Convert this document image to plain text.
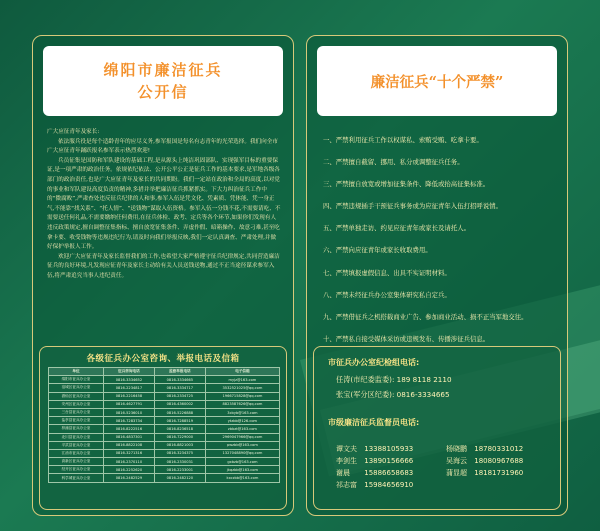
绵阳市廉洁征兵
公开信

广大应征青年及家长:

依法服兵役是每个适龄青年的应尽义务,参军报国是每名有志青年的光荣选择。我们向全市广大应征青年踊跃报名参军表示热烈欢迎!

兵员征集是国防和军队建设的基础工程,是从源头上纯洁巩固部队、实现强军目标的重要保证,是一项严肃的政治任务。依规依纪依法、公开公平公正是征兵工作的基本要求,是军地各级各部门的政治责任,也是广大应征青年及家长的共同期盼。我们一定站在政治和全局的高度,以对党的事业和军队建设高度负责的精神,多措并举把廉洁征兵抓紧抓实。下大力纠治征兵工作中的“微腐败”,严肃查处违反征兵纪律的人和事,参军入伍是凭文化、凭素质、凭体能、凭一身正气,不能靠“找关系”、“托人情”、“送钱物”谋取入伍资格。参军入伍一分钱不花,不需要请吃、不需要送任何礼品,不需要缴纳任何费用,在征兵体检、政考、定兵等各个环节,如果你们发现有人违反政策规定,擅自调整征集指标、擅自放宽征集条件、弄虚作假、暗箱操作、故意刁难,甚至吃拿卡要、收受钱物等违规违纪行为,请及时向我们举报反映,我们一定认真调查、严肃处理,并做好保护举报人工作。

欢迎广大应征青年及家长监督我们的工作,也希望大家严格遵守征兵纪律规定,共同营造廉洁征兵的良好环境,凡发现应征青年及家长主动给有关人员送钱送物,通过不正当途径谋求参军入伍,将严肃追究当事人违纪责任。

各级征兵办公室咨询、举报电话及信箱
单位	征兵咨询电话	监督举报电话	电子信箱
绵阳市征兵办公室	0816-3334652	0816-3334665	myjz@163.com
涪城区征兵办公室	0816-2234817	0816-3334717	3532521025@qq.com
游仙区征兵办公室	0816-2216458	0816-2334725	1966715828@qq.com
安州区征兵办公室	0816-4627791	0816-4360002	8823587626@qq.com
三台县征兵办公室	0816-5236010	0816-5226888	3cbyb@163.com
盐亭县征兵办公室	0816-7283734	0816-7288519	ytzbb@126.com
梓潼县征兵办公室	0816-8222516	0816-8236518	zbbzt@163.com
北川县征兵办公室	0816-4837301	0816-7229000	2969047966@qq.com
平武县征兵办公室	0816-8822108	0816-8821003	pwzbb@163.com
江油市征兵办公室	0816-3271316	0816-3234375	1327048890@qq.com
高新区征兵办公室	0816-2370110	0816-2330031	gxbzb@163.com
经开区征兵办公室	0816-2252620	0816-2233001	jkqzbb@163.com
科学城征兵办公室	0816-2482529	0816-2482120	kxczbb@163.com
廉洁征兵“十个严禁”
一、严禁利用征兵工作以权谋私、索贿受贿、吃拿卡要。
二、严禁擅自截留、挪用、私分或调整征兵任务。
三、严禁擅自放宽或增加征集条件、降低或抬高征集标准。
四、严禁违规插手干预征兵事务或为应征青年入伍打招呼说情。
五、严禁单独走访、约见应征青年或家长及请托人。
六、严禁向应征青年或家长收取费用。
七、严禁填报虚假信息、出具不实证明材料。
八、严禁未经征兵办公室集体研究私自定兵。
九、严禁借征兵之机搭载商业广告、参加商业活动、损不正当军地交往。
十、严禁私自接受媒体采访或违规发布、传播涉征兵信息。
市征兵办公室纪检组电话:
任涛(市纪委监委): 189 8118 2110
张宝(军分区纪委): 0816-3334665
市级廉洁征兵监督员电话:
谭文夫 13388105933	杨晓鹏 18780331012
李剑生 13890156666	吴海云 18080967688
谢晨 15886658683	蒲显超 18181731960
祁志富 15984656910
